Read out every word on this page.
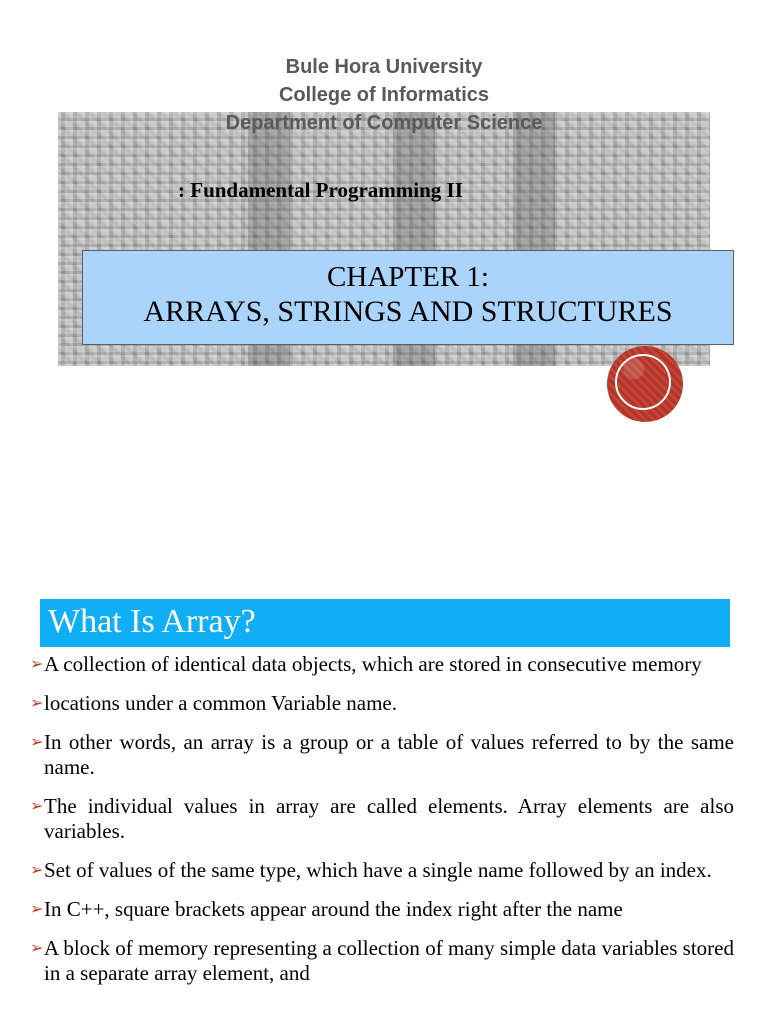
Bule Hora University
College of Informatics
Department of Computer Science
: Fundamental Programming II
CHAPTER 1:
ARRAYS, STRINGS AND STRUCTURES
What Is Array?
➢ A collection of identical data objects, which are stored in consecutive memory
➢ locations under a common Variable name.
➢ In other words, an array is a group or a table of values referred to by the same name.
➢ The individual values in array are called elements. Array elements are also variables.
➢ Set of values of the same type, which have a single name followed by an index.
➢ In C++, square brackets appear around the index right after the name
➢ A block of memory representing a collection of many simple data variables stored in a separate array element, and
